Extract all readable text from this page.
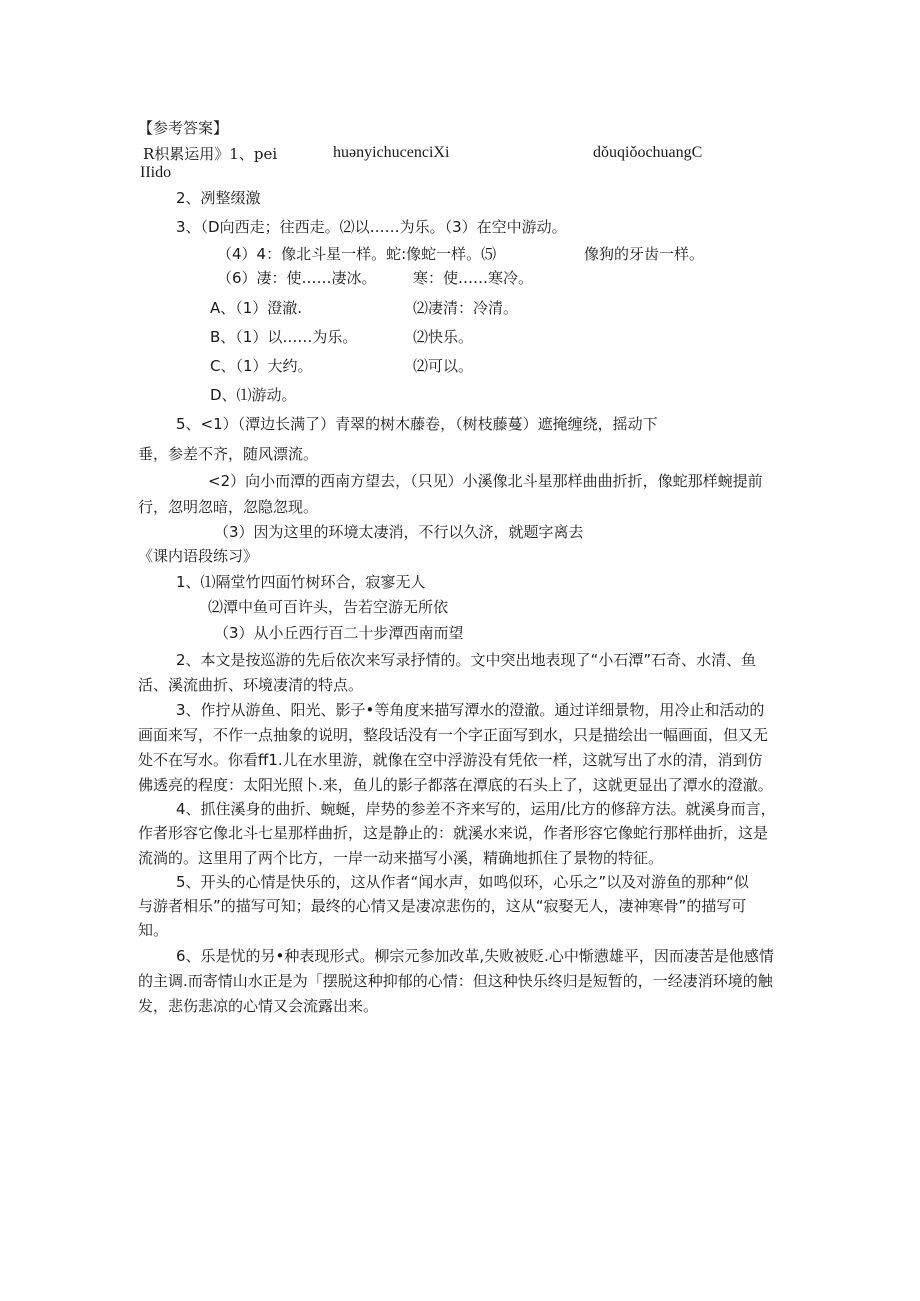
【参考答案】
R枳累运用》1、pei	huǝnyichucenciXi	dǒuqiǒochuangC
IIido
2、冽整缀激
3、（D向西走；往西走。⑵以……为乐。（3）在空中游动。
（4）4：像北斗星一样。蛇:像蛇一样。⑸	像狗的牙齿一样。
（6）凄：使……凄冰。 寒：使……寒冷。
A、（1）澄澈.	⑵凄清：冷清。
B、（1）以……为乐。	⑵快乐。
C、（1）大约。	⑵可以。
D、⑴游动。
5、<1）（潭边长满了）青翠的树木藤卷，（树枝藤蔓）遮掩缠绕，摇动下
垂，参差不齐，随风漂流。
<2）向小而潭的西南方望去，（只见）小溪像北斗星那样曲曲折折，像蛇那样蜿提前
行，忽明忽暗，忽隐忽现。
（3）因为这里的环境太凄消，不行以久济，就题字离去
《课内语段练习》
1、⑴隔堂竹四面竹树环合，寂寥无人
⑵潭中鱼可百许头，告若空游无所依
（3）从小丘西行百二十步潭西南而望
2、本文是按巡游的先后依次来写录抒情的。文中突出地表现了“小石潭”石奇、水清、鱼
活、溪流曲折、环境凄清的特点。
3、作拧从游鱼、阳光、影子•等角度来描写潭水的澄澈。通过详细景物，用冷止和活动的
画面来写，不作一点抽象的说明，整段话没有一个字正面写到水，只是描绘出一幅画面，但又无
处不在写水。你看ff1.儿在水里游，就像在空中浮游没有凭依一样，这就写出了水的清，消到仿
佛透亮的程度：太阳光照卜.来，鱼儿的影子都落在潭底的石头上了，这就更显出了潭水的澄澈。
4、抓住溪身的曲折、蜿蜒，岸势的参差不齐来写的，运用/比方的修辞方法。就溪身而言，
作者形容它像北斗七星那样曲折，这是静止的：就溪水来说，作者形容它像蛇行那样曲折，这是
流淌的。这里用了两个比方，一岸一动来描写小溪，精确地抓住了景物的特征。
5、开头的心情是快乐的，这从作者“闻水声，如鸣似环，心乐之”以及对游鱼的那种“似
与游者相乐”的描写可知；最终的心情又是凄凉悲伤的，这从“寂娶无人，凄神寒骨”的描写可
知。
6、乐是忧的另•种表现形式。柳宗元参加改革,失败被贬.心中惭懑雄平，因而凄苦是他感情
的主调.而寄情山水正是为「摆脱这种抑郁的心情：但这种快乐终归是短暂的，一经凄消环境的触
发，悲伤悲凉的心情又会流露出来。
